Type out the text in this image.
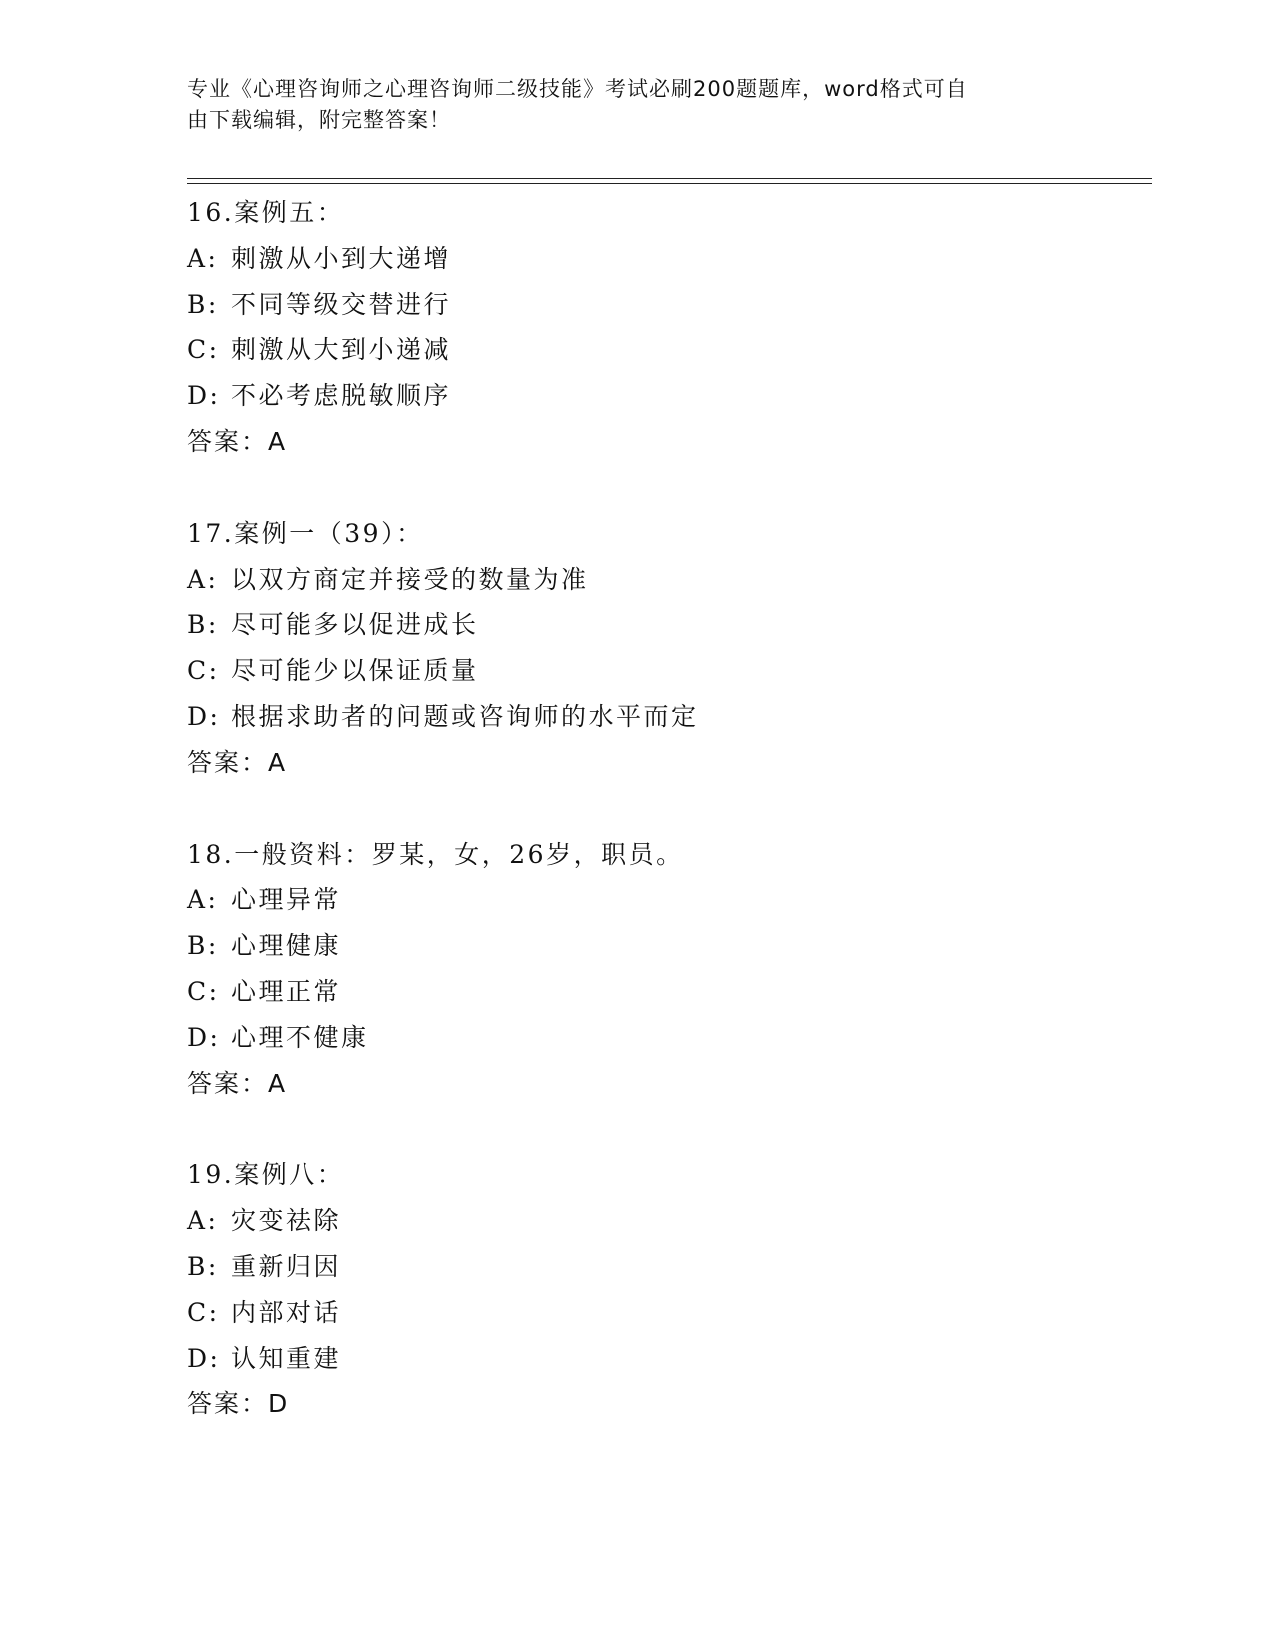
专业《心理咨询师之心理咨询师二级技能》考试必刷200题题库，word格式可自
由下载编辑，附完整答案！
16.案例五：
A: 刺激从小到大递增
B: 不同等级交替进行
C: 刺激从大到小递减
D: 不必考虑脱敏顺序
答案：A
17.案例一（39）：
A: 以双方商定并接受的数量为准
B: 尽可能多以促进成长
C: 尽可能少以保证质量
D: 根据求助者的问题或咨询师的水平而定
答案：A
18.一般资料：罗某，女，26岁，职员。
A: 心理异常
B: 心理健康
C: 心理正常
D: 心理不健康
答案：A
19.案例八：
A: 灾变祛除
B: 重新归因
C: 内部对话
D: 认知重建
答案：D
